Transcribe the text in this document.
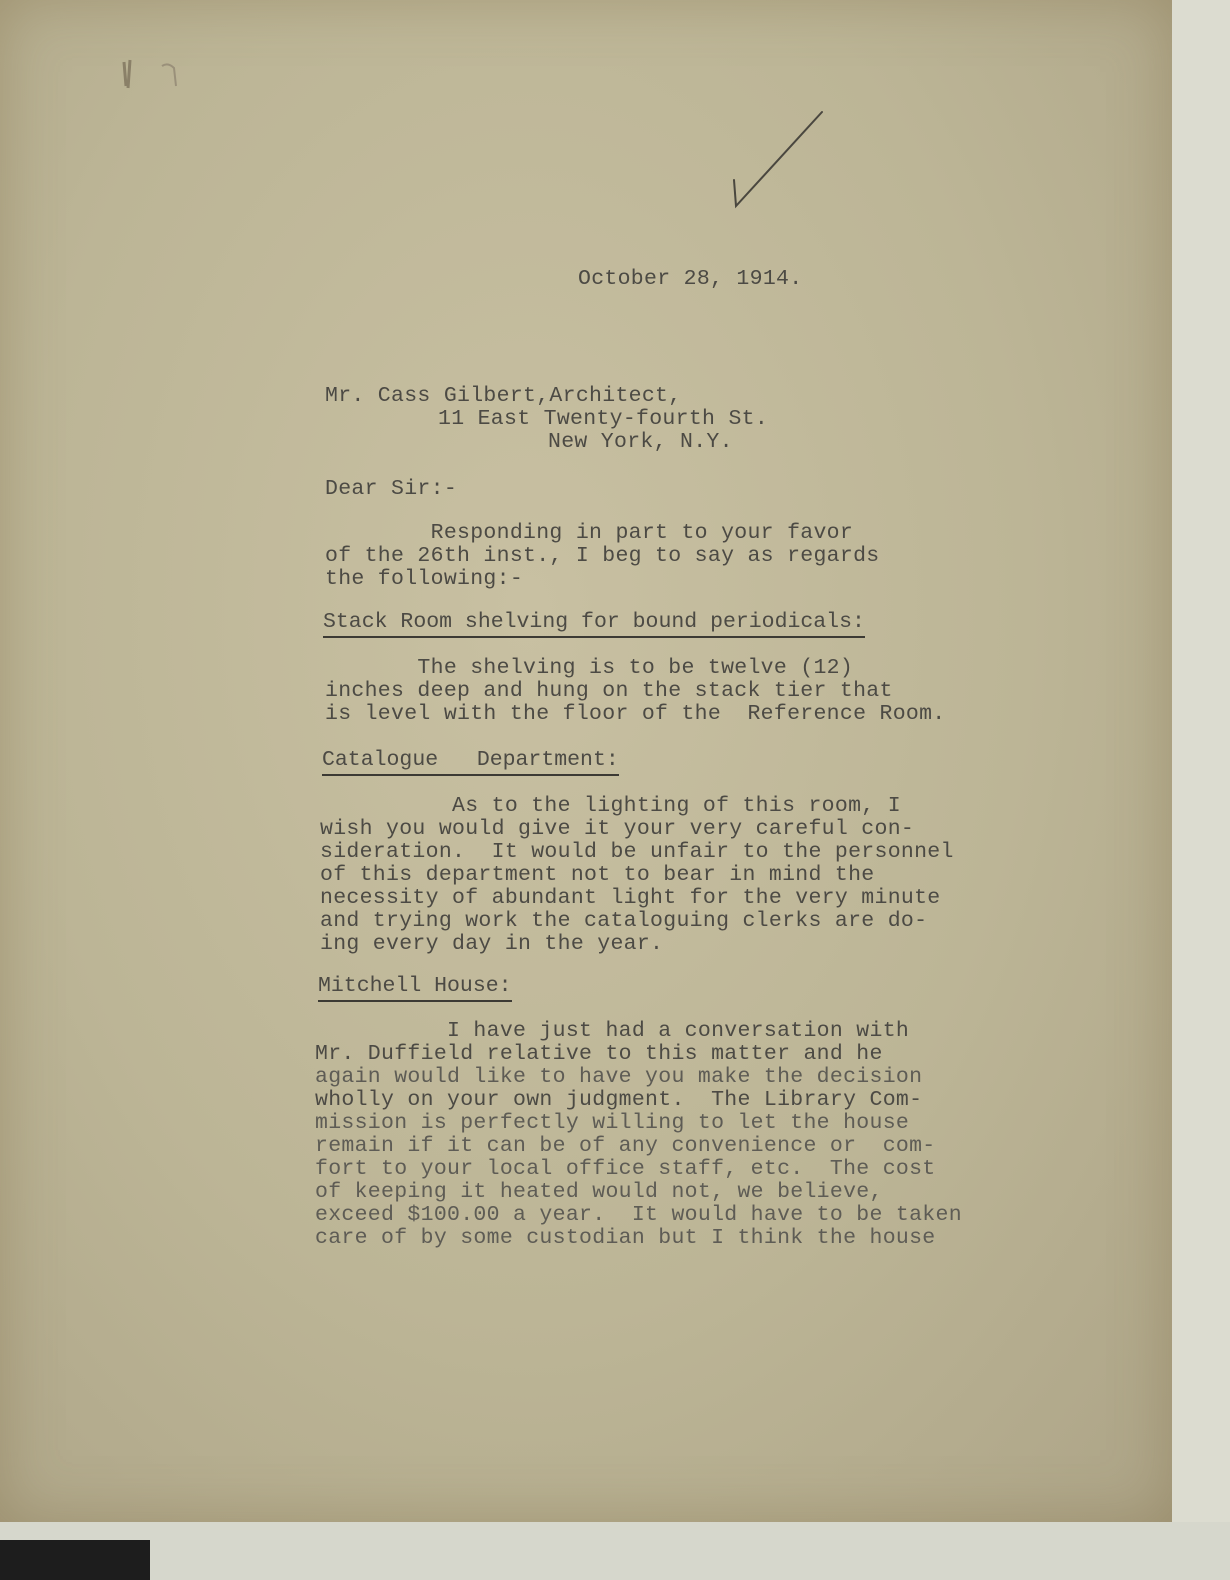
October 28, 1914.

Mr. Cass Gilbert,Architect,

11 East Twenty-fourth St.

New York, N.Y.

Dear Sir:-

Responding in part to your favor

of the 26th inst., I beg to say as regards

the following:-

Stack Room shelving for bound periodicals:

The shelving is to be twelve (12)

inches deep and hung on the stack tier that

is level with the floor of the  Reference Room.

Catalogue   Department:

As to the lighting of this room, I

wish you would give it your very careful con-

sideration.  It would be unfair to the personnel

of this department not to bear in mind the

necessity of abundant light for the very minute

and trying work the cataloguing clerks are do-

ing every day in the year.

Mitchell House:

I have just had a conversation with

Mr. Duffield relative to this matter and he

again would like to have you make the decision

wholly on your own judgment.  The Library Com-

mission is perfectly willing to let the house

remain if it can be of any convenience or  com-

fort to your local office staff, etc.  The cost

of keeping it heated would not, we believe,

exceed $100.00 a year.  It would have to be taken

care of by some custodian but I think the house
